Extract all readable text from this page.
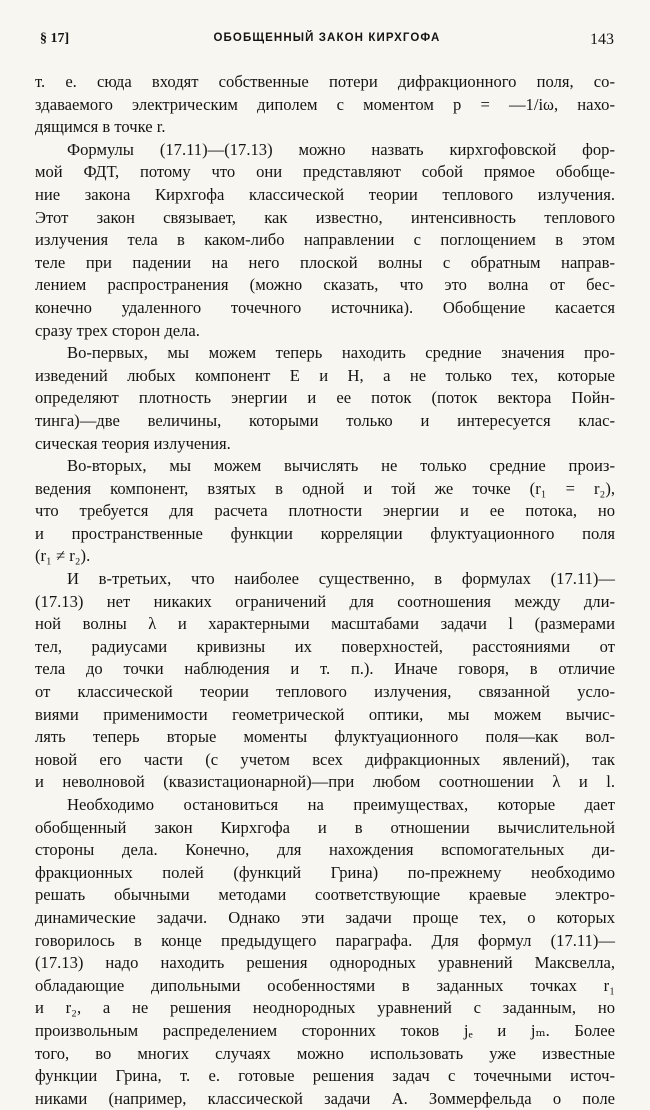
§ 17]	ОБОБЩЕННЫЙ ЗАКОН КИРХГОФА	143
т. е. сюда входят собственные потери дифракционного поля, со-
здаваемого электрическим диполем с моментом p = —1/iω, нахо-
дящимся в точке r.
Формулы (17.11)—(17.13) можно назвать кирхгофовской фор-
мой ФДТ, потому что они представляют собой прямое обобще-
ние закона Кирхгофа классической теории теплового излучения.
Этот закон связывает, как известно, интенсивность теплового
излучения тела в каком-либо направлении с поглощением в этом
теле при падении на него плоской волны с обратным направ-
лением распространения (можно сказать, что это волна от бес-
конечно удаленного точечного источника). Обобщение касается
сразу трех сторон дела.
Во-первых, мы можем теперь находить средние значения про-
изведений любых компонент E и H, а не только тех, которые
определяют плотность энергии и ее поток (поток вектора Пойн-
тинга)—две величины, которыми только и интересуется клас-
сическая теория излучения.
Во-вторых, мы можем вычислять не только средние произ-
ведения компонент, взятых в одной и той же точке (r₁ = r₂),
что требуется для расчета плотности энергии и ее потока, но
и пространственные функции корреляции флуктуационного поля
(r₁ ≠ r₂).
И в-третьих, что наиболее существенно, в формулах (17.11)—
(17.13) нет никаких ограничений для соотношения между дли-
ной волны λ и характерными масштабами задачи l (размерами
тел, радиусами кривизны их поверхностей, расстояниями от
тела до точки наблюдения и т. п.). Иначе говоря, в отличие
от классической теории теплового излучения, связанной усло-
виями применимости геометрической оптики, мы можем вычис-
лять теперь вторые моменты флуктуационного поля—как вол-
новой его части (с учетом всех дифракционных явлений), так
и неволновой (квазистационарной)—при любом соотношении λ и l.
Необходимо остановиться на преимуществах, которые дает
обобщенный закон Кирхгофа и в отношении вычислительной
стороны дела. Конечно, для нахождения вспомогательных ди-
фракционных полей (функций Грина) по-прежнему необходимо
решать обычными методами соответствующие краевые электро-
динамические задачи. Однако эти задачи проще тех, о которых
говорилось в конце предыдущего параграфа. Для формул (17.11)—
(17.13) надо находить решения однородных уравнений Максвелла,
обладающие дипольными особенностями в заданных точках r₁
и r₂, а не решения неоднородных уравнений с заданным, но
произвольным распределением сторонних токов jₑ и jₘ. Более
того, во многих случаях можно использовать уже известные
функции Грина, т. е. готовые решения задач с точечными источ-
никами (например, классической задачи А. Зоммерфельда о поле
